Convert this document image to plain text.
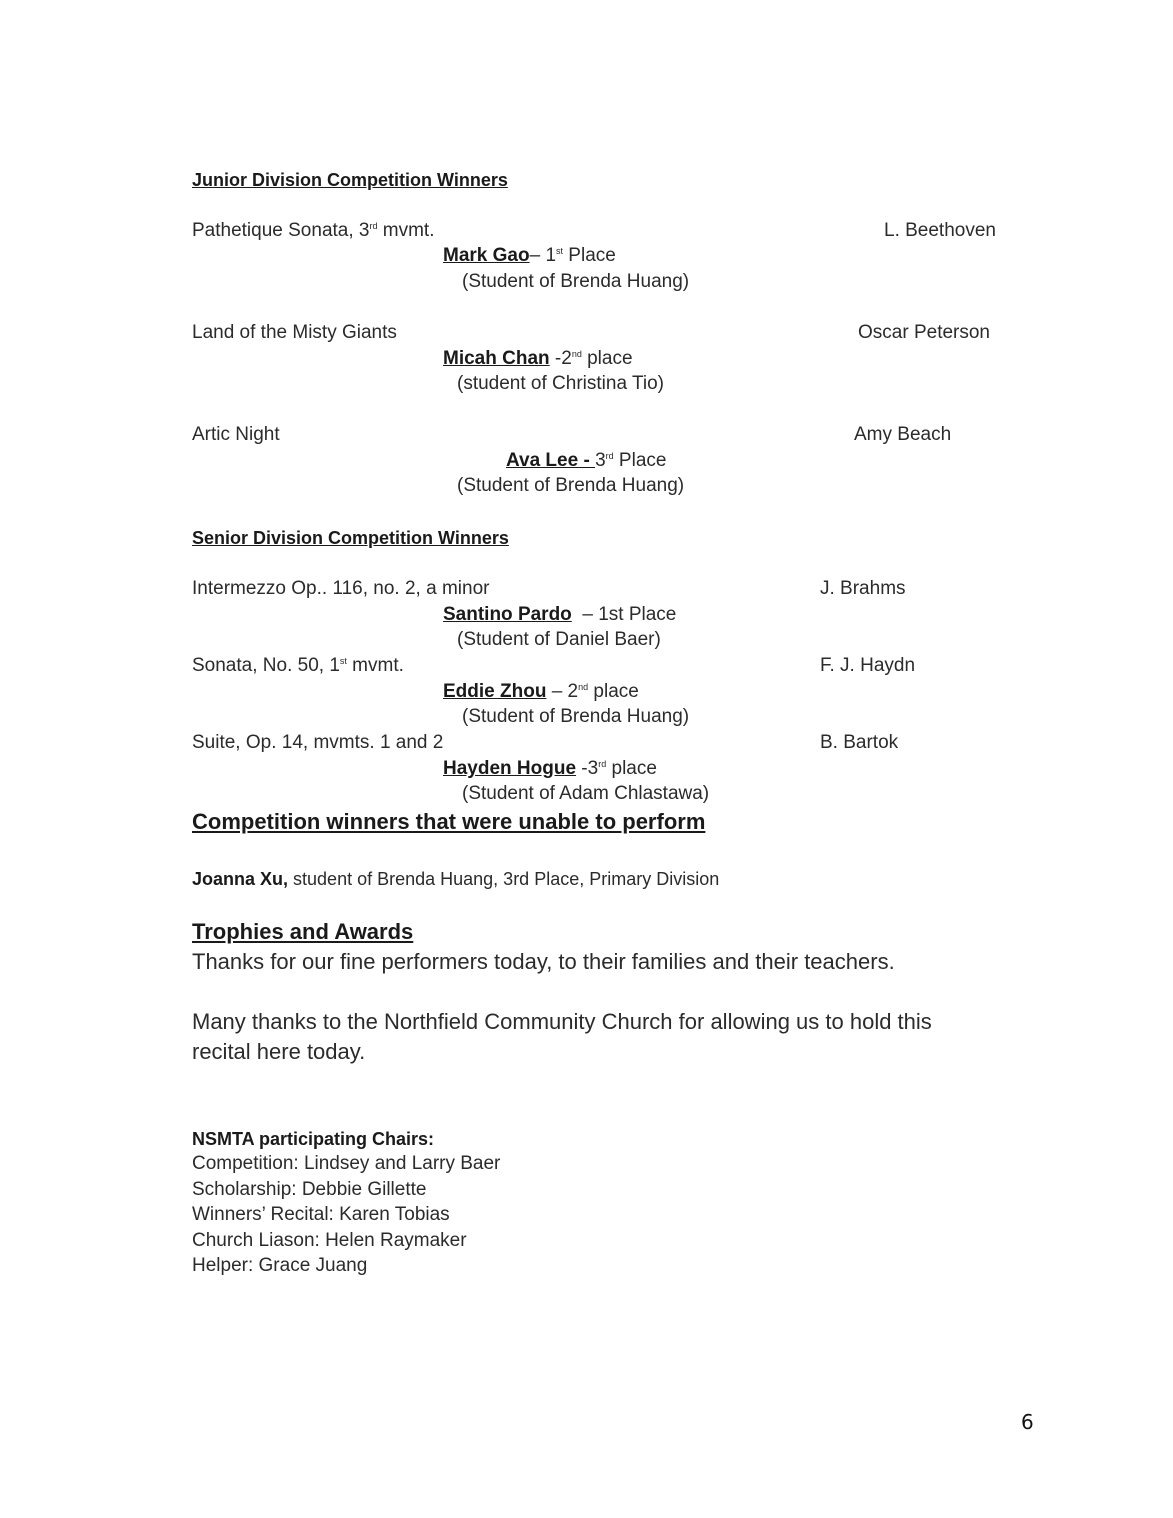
Junior Division Competition Winners
Pathetique Sonata, 3rd mvmt.	L. Beethoven
Mark Gao– 1st Place
(Student of Brenda Huang)
Land of the Misty Giants	Oscar Peterson
Micah Chan -2nd place
(student of Christina Tio)
Artic Night	Amy Beach
Ava Lee - 3rd Place
(Student of Brenda Huang)
Senior Division Competition Winners
Intermezzo Op.. 116, no. 2, a minor	J. Brahms
Santino Pardo  – 1st Place
(Student of Daniel Baer)
Sonata, No. 50, 1st mvmt.	F. J. Haydn
Eddie Zhou – 2nd place
(Student of Brenda Huang)
Suite, Op. 14, mvmts. 1 and 2	B. Bartok
Hayden Hogue -3rd place
(Student of Adam Chlastawa)
Competition winners that were unable to perform
Joanna Xu, student of Brenda Huang, 3rd Place, Primary Division
Trophies and Awards
Thanks for our fine performers today, to their families and their teachers.
Many thanks to the Northfield Community Church for allowing us to hold this
recital here today.
NSMTA participating Chairs:
Competition: Lindsey and Larry Baer
Scholarship: Debbie Gillette
Winners’ Recital: Karen Tobias
Church Liason: Helen Raymaker
Helper: Grace Juang
6
